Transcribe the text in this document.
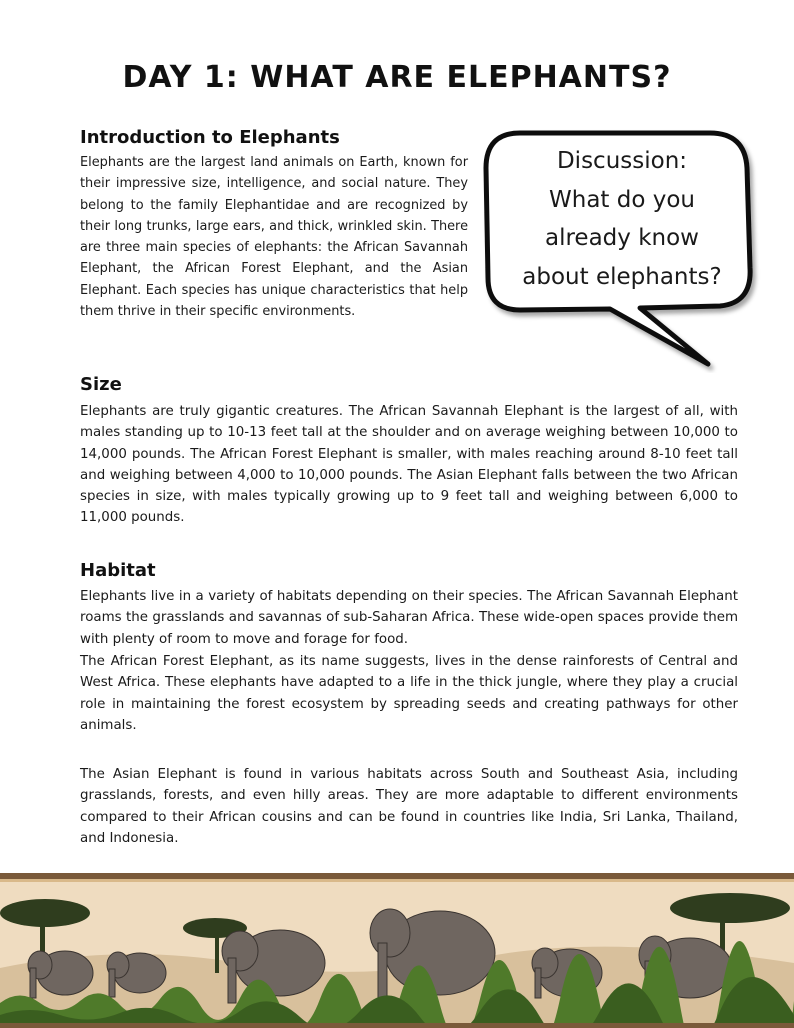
DAY 1: WHAT ARE ELEPHANTS?
Introduction to Elephants

Elephants are the largest land animals on Earth, known for their impressive size, intelligence, and social nature. They belong to the family Elephantidae and are recognized by their long trunks, large ears, and thick, wrinkled skin. There are three main species of elephants: the African Savannah Elephant, the African Forest Elephant, and the Asian Elephant. Each species has unique characteristics that help them thrive in their specific environments.

Discussion:
What do you
already know
about elephants?
Size

Elephants are truly gigantic creatures. The African Savannah Elephant is the largest of all, with males standing up to 10-13 feet tall at the shoulder and on average weighing between 10,000 to 14,000 pounds. The African Forest Elephant is smaller, with males reaching around 8-10 feet tall and weighing between 4,000 to 10,000 pounds. The Asian Elephant falls between the two African species in size, with males typically growing up to 9 feet tall and weighing between 6,000 to 11,000 pounds.

Habitat

Elephants live in a variety of habitats depending on their species. The African Savannah Elephant roams the grasslands and savannas of sub-Saharan Africa. These wide-open spaces provide them with plenty of room to move and forage for food.

The African Forest Elephant, as its name suggests, lives in the dense rainforests of Central and West Africa. These elephants have adapted to a life in the thick jungle, where they play a crucial role in maintaining the forest ecosystem by spreading seeds and creating pathways for other animals.

The Asian Elephant is found in various habitats across South and Southeast Asia, including grasslands, forests, and even hilly areas. They are more adaptable to different environments compared to their African cousins and can be found in countries like India, Sri Lanka, Thailand, and Indonesia.
